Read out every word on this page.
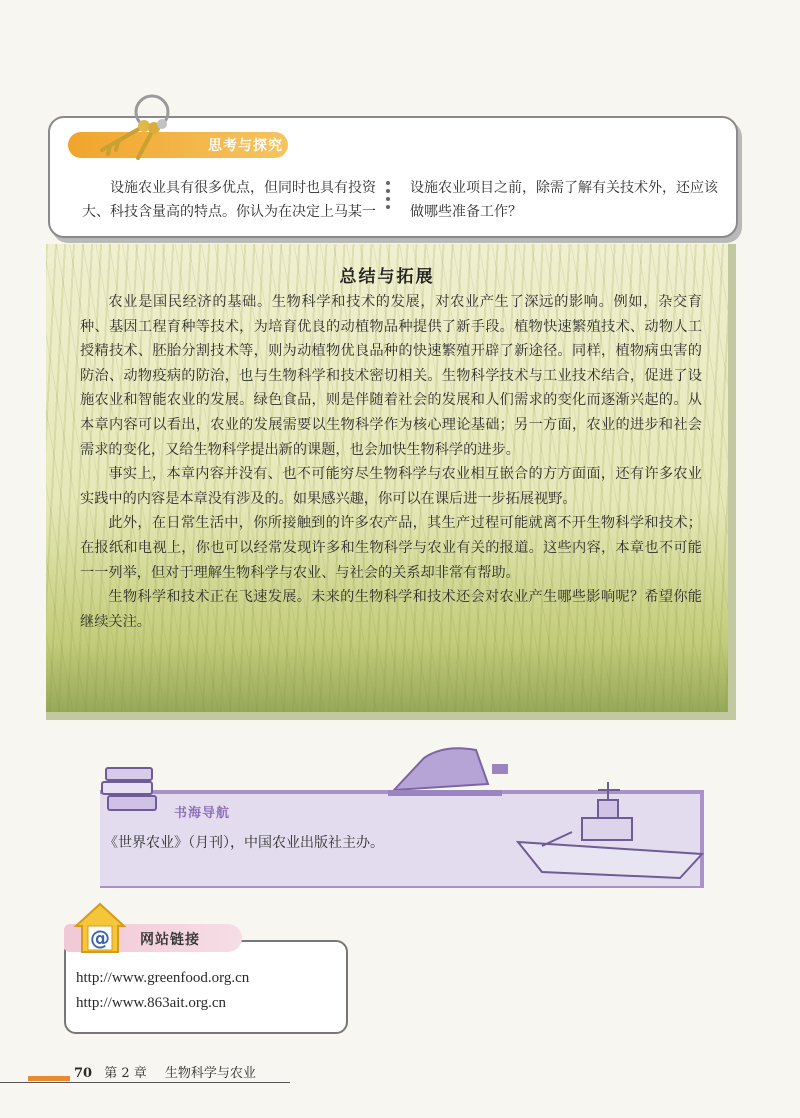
思考与探究
设施农业具有很多优点，但同时也具有投资大、科技含量高的特点。你认为在决定上马某一
设施农业项目之前，除需了解有关技术外，还应该做哪些准备工作？
总结与拓展

农业是国民经济的基础。生物科学和技术的发展，对农业产生了深远的影响。例如，杂交育种、基因工程育种等技术，为培育优良的动植物品种提供了新手段。植物快速繁殖技术、动物人工授精技术、胚胎分割技术等，则为动植物优良品种的快速繁殖开辟了新途径。同样，植物病虫害的防治、动物疫病的防治，也与生物科学和技术密切相关。生物科学技术与工业技术结合，促进了设施农业和智能农业的发展。绿色食品，则是伴随着社会的发展和人们需求的变化而逐渐兴起的。从本章内容可以看出，农业的发展需要以生物科学作为核心理论基础；另一方面，农业的进步和社会需求的变化，又给生物科学提出新的课题，也会加快生物科学的进步。

事实上，本章内容并没有、也不可能穷尽生物科学与农业相互嵌合的方方面面，还有许多农业实践中的内容是本章没有涉及的。如果感兴趣，你可以在课后进一步拓展视野。

此外，在日常生活中，你所接触到的许多农产品，其生产过程可能就离不开生物科学和技术；在报纸和电视上，你也可以经常发现许多和生物科学与农业有关的报道。这些内容，本章也不可能一一列举，但对于理解生物科学与农业、与社会的关系却非常有帮助。

生物科学和技术正在飞速发展。未来的生物科学和技术还会对农业产生哪些影响呢？希望你能继续关注。

书海导航
《世界农业》（月刊），中国农业出版社主办。
网站链接
@
http://www.greenfood.org.cn
http://www.863ait.org.cn
70 第 2 章 生物科学与农业
